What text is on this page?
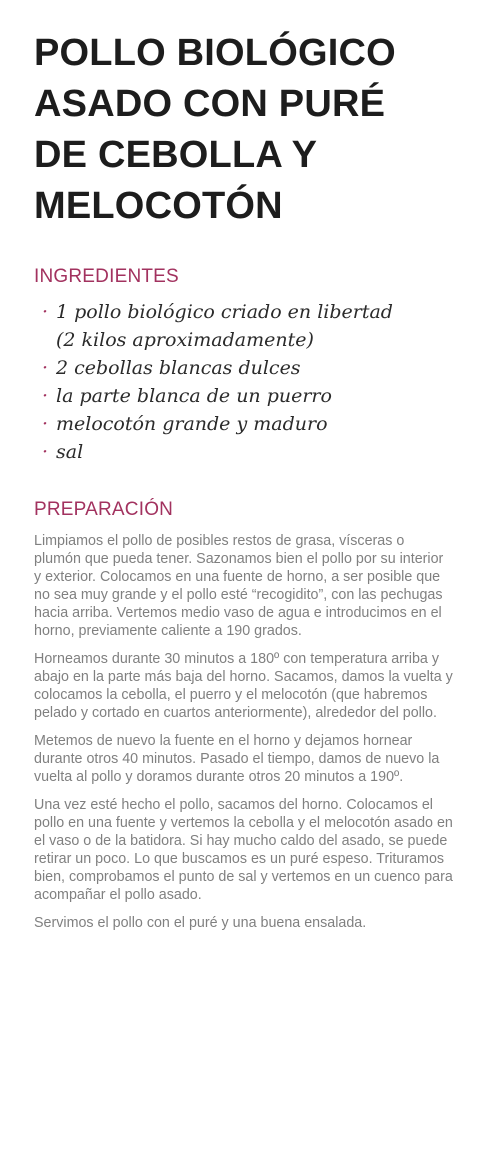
POLLO BIOLÓGICO
ASADO CON PURÉ
DE CEBOLLA Y
MELOCOTÓN
INGREDIENTES
· 1 pollo biológico criado en libertad
(2 kilos aproximadamente)
· 2 cebollas blancas dulces
· la parte blanca de un puerro
· melocotón grande y maduro
· sal
PREPARACIÓN

Limpiamos el pollo de posibles restos de grasa, vísceras o plumón que pueda tener. Sazonamos bien el pollo por su interior y exterior. Colocamos en una fuente de horno, a ser posible que no sea muy grande y el pollo esté “recogidito”, con las pechugas hacia arriba. Vertemos medio vaso de agua e introducimos en el horno, previamente caliente a 190 grados.

Horneamos durante 30 minutos a 180º con temperatura arriba y abajo en la parte más baja del horno. Sacamos, damos la vuelta y colocamos la cebolla, el puerro y el melocotón (que habremos pelado y cortado en cuartos anteriormente), alrededor del pollo.

Metemos de nuevo la fuente en el horno y dejamos hornear durante otros 40 minutos. Pasado el tiempo, damos de nuevo la vuelta al pollo y doramos durante otros 20 minutos a 190º.

Una vez esté hecho el pollo, sacamos del horno. Colocamos el pollo en una fuente y vertemos la cebolla y el melocotón asado en el vaso o de la batidora. Si hay mucho caldo del asado, se puede retirar un poco. Lo que buscamos es un puré espeso. Trituramos bien, comprobamos el punto de sal y vertemos en un cuenco para acompañar el pollo asado.

Servimos el pollo con el puré y una buena ensalada.
